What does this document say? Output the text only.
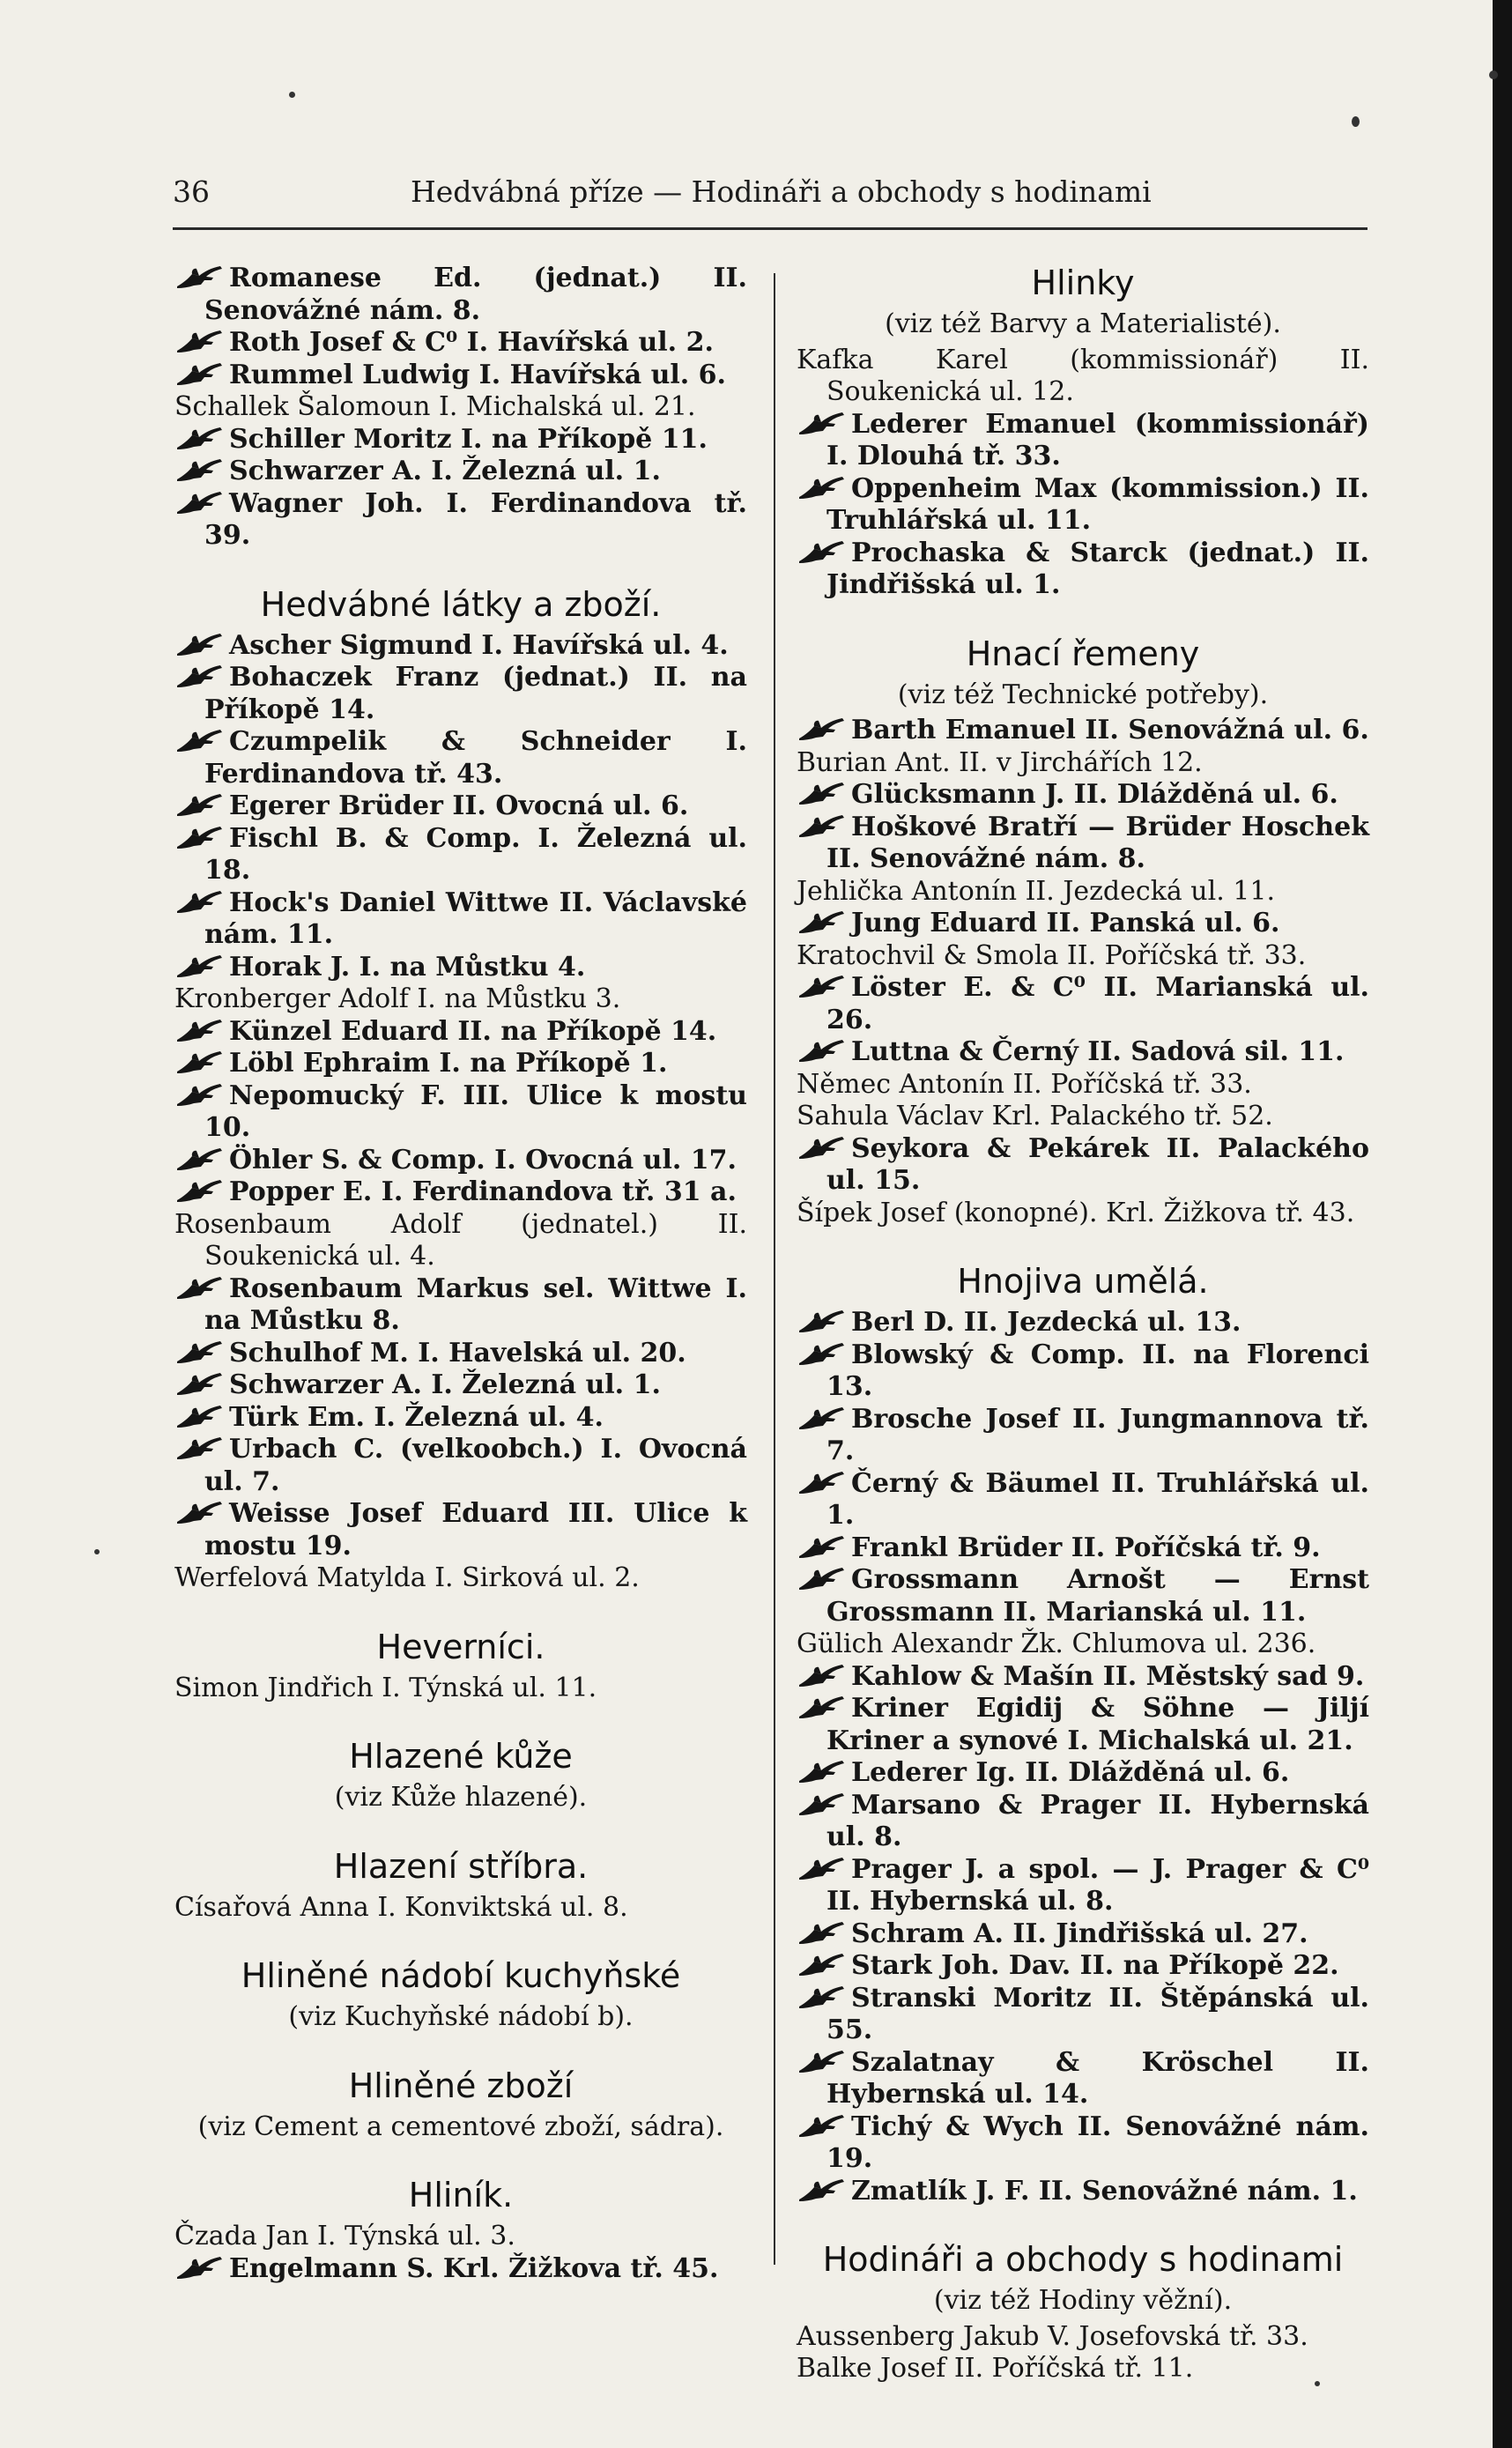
36	Hedvábná příze — Hodináři a obchody s hodinami

Romanese Ed. (jednat.) II. Senovážné nám. 8.

Roth Josef & C⁰ I. Havířská ul. 2.

Rummel Ludwig I. Havířská ul. 6.

Schallek Šalomoun I. Michalská ul. 21.

Schiller Moritz I. na Příkopě 11.

Schwarzer A. I. Železná ul. 1.

Wagner Joh. I. Ferdinandova tř. 39.

Hedvábné látky a zboží.

Ascher Sigmund I. Havířská ul. 4.

Bohaczek Franz (jednat.) II. na Příkopě 14.

Czumpelik & Schneider I. Ferdinandova tř. 43.

Egerer Brüder II. Ovocná ul. 6.

Fischl B. & Comp. I. Železná ul. 18.

Hock's Daniel Wittwe II. Václavské nám. 11.

Horak J. I. na Můstku 4.

Kronberger Adolf I. na Můstku 3.

Künzel Eduard II. na Příkopě 14.

Löbl Ephraim I. na Příkopě 1.

Nepomucký F. III. Ulice k mostu 10.

Öhler S. & Comp. I. Ovocná ul. 17.

Popper E. I. Ferdinandova tř. 31 a.

Rosenbaum Adolf (jednatel.) II. Soukenická ul. 4.

Rosenbaum Markus sel. Wittwe I. na Můstku 8.

Schulhof M. I. Havelská ul. 20.

Schwarzer A. I. Železná ul. 1.

Türk Em. I. Železná ul. 4.

Urbach C. (velkoobch.) I. Ovocná ul. 7.

Weisse Josef Eduard III. Ulice k mostu 19.

Werfelová Matylda I. Sirková ul. 2.

Heverníci.

Simon Jindřich I. Týnská ul. 11.

Hlazené kůže
(viz Kůže hlazené).
Hlazení stříbra.

Císařová Anna I. Konviktská ul. 8.

Hliněné nádobí kuchyňské
(viz Kuchyňské nádobí b).
Hliněné zboží
(viz Cement a cementové zboží, sádra).
Hliník.

Čzada Jan I. Týnská ul. 3.

Engelmann S. Krl. Žižkova tř. 45.

Hlinky
(viz též Barvy a Materialisté).

Kafka Karel (kommissionář) II. Soukenická ul. 12.

Lederer Emanuel (kommissionář) I. Dlouhá tř. 33.

Oppenheim Max (kommission.) II. Truhlářská ul. 11.

Prochaska & Starck (jednat.) II. Jindřišská ul. 1.

Hnací řemeny
(viz též Technické potřeby).

Barth Emanuel II. Senovážná ul. 6.

Burian Ant. II. v Jirchářích 12.

Glücksmann J. II. Dlážděná ul. 6.

Hoškové Bratří — Brüder Hoschek II. Senovážné nám. 8.

Jehlička Antonín II. Jezdecká ul. 11.

Jung Eduard II. Panská ul. 6.

Kratochvil & Smola II. Poříčská tř. 33.

Löster E. & C⁰ II. Marianská ul. 26.

Luttna & Černý II. Sadová sil. 11.

Němec Antonín II. Poříčská tř. 33.

Sahula Václav Krl. Palackého tř. 52.

Seykora & Pekárek II. Palackého ul. 15.

Šípek Josef (konopné). Krl. Žižkova tř. 43.

Hnojiva umělá.

Berl D. II. Jezdecká ul. 13.

Blowský & Comp. II. na Florenci 13.

Brosche Josef II. Jungmannova tř. 7.

Černý & Bäumel II. Truhlářská ul. 1.

Frankl Brüder II. Poříčská tř. 9.

Grossmann Arnošt — Ernst Grossmann II. Marianská ul. 11.

Gülich Alexandr Žk. Chlumova ul. 236.

Kahlow & Mašín II. Městský sad 9.

Kriner Egidij & Söhne — Jiljí Kriner a synové I. Michalská ul. 21.

Lederer Ig. II. Dlážděná ul. 6.

Marsano & Prager II. Hybernská ul. 8.

Prager J. a spol. — J. Prager & C⁰ II. Hybernská ul. 8.

Schram A. II. Jindřišská ul. 27.

Stark Joh. Dav. II. na Příkopě 22.

Stranski Moritz II. Štěpánská ul. 55.

Szalatnay & Kröschel II. Hybernská ul. 14.

Tichý & Wych II. Senovážné nám. 19.

Zmatlík J. F. II. Senovážné nám. 1.

Hodináři a obchody s hodinami
(viz též Hodiny věžní).

Aussenberg Jakub V. Josefovská tř. 33.

Balke Josef II. Poříčská tř. 11.
